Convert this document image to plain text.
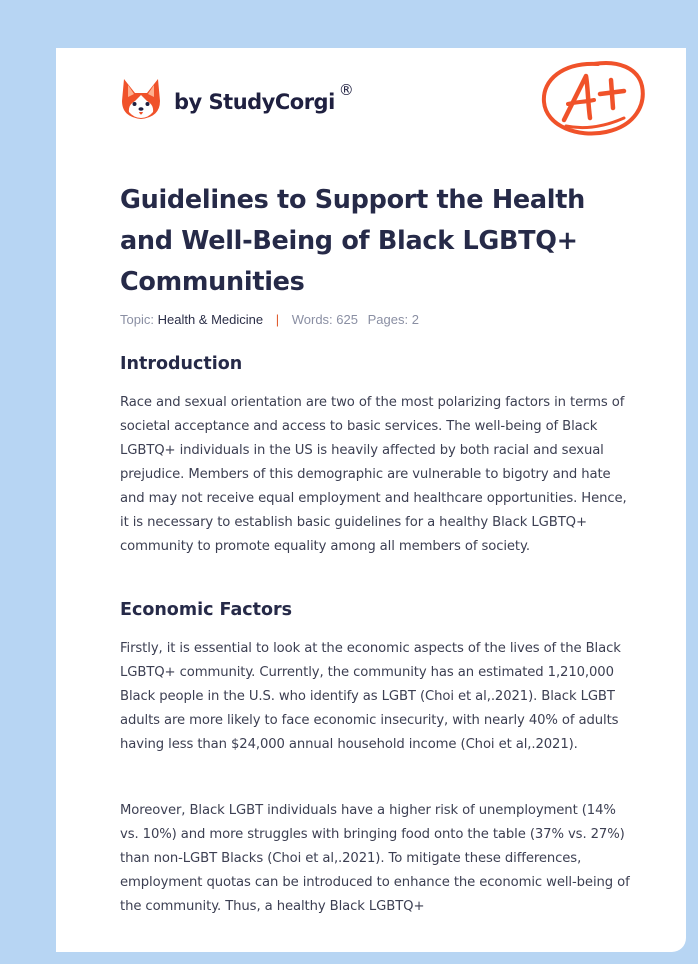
by StudyCorgi ®
Guidelines to Support the Health and Well-Being of Black LGBTQ+ Communities
Topic: Health & Medicine | Words: 625 Pages: 2
Introduction

Race and sexual orientation are two of the most polarizing factors in terms of societal acceptance and access to basic services. The well-being of Black LGBTQ+ individuals in the US is heavily affected by both racial and sexual prejudice. Members of this demographic are vulnerable to bigotry and hate and may not receive equal employment and healthcare opportunities. Hence, it is necessary to establish basic guidelines for a healthy Black LGBTQ+ community to promote equality among all members of society.

Economic Factors

Firstly, it is essential to look at the economic aspects of the lives of the Black LGBTQ+ community. Currently, the community has an estimated 1,210,000 Black people in the U.S. who identify as LGBT (Choi et al,.2021). Black LGBT adults are more likely to face economic insecurity, with nearly 40% of adults having less than $24,000 annual household income (Choi et al,.2021).

Moreover, Black LGBT individuals have a higher risk of unemployment (14% vs. 10%) and more struggles with bringing food onto the table (37% vs. 27%) than non-LGBT Blacks (Choi et al,.2021). To mitigate these differences, employment quotas can be introduced to enhance the economic well-being of the community. Thus, a healthy Black LGBTQ+
